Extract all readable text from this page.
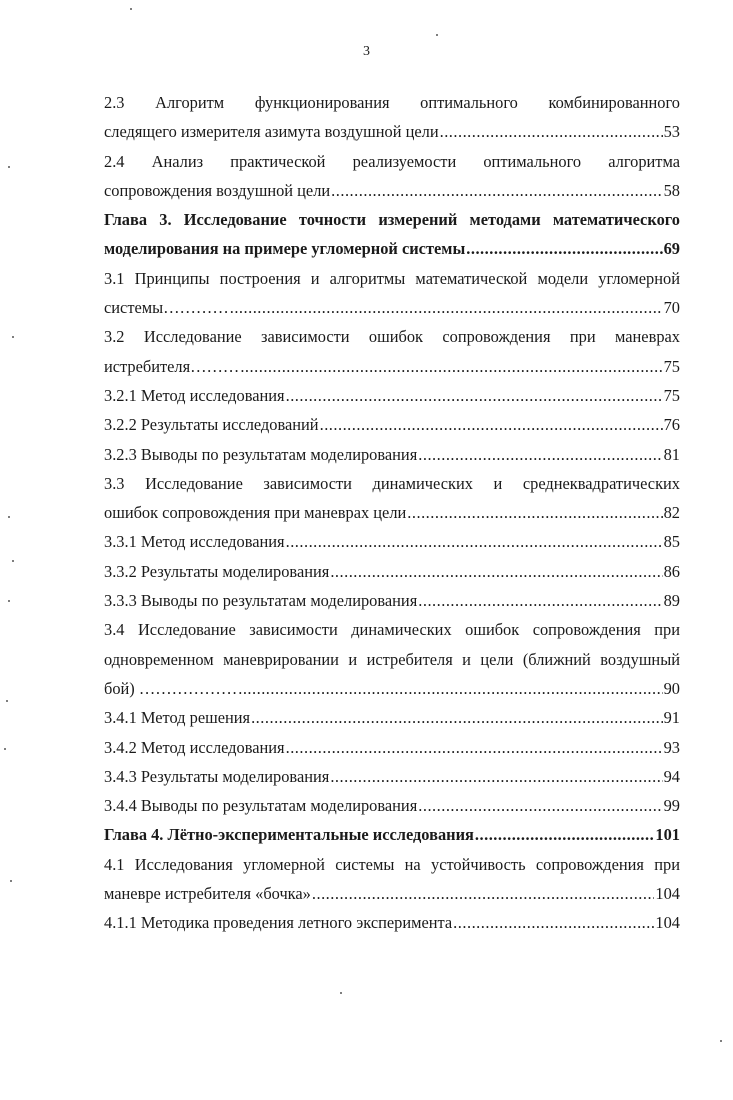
3
2.3 Алгоритм функционирования оптимального комбинированного
следящего измерителя азимута воздушной цели .....	53
2.4 Анализ практической реализуемости оптимального алгоритма
сопровождения воздушной цели .....	58
Глава 3. Исследование точности измерений методами математического
моделирования на примере угломерной системы .....	69
3.1 Принципы построения и алгоритмы математической модели угломерной
системы………… .....	70
3.2 Исследование зависимости ошибок сопровождения при маневрах
истребителя……… .....	75
3.2.1 Метод исследования .....	75
3.2.2 Результаты исследований .....	76
3.2.3 Выводы по результатам моделирования .....	81
3.3 Исследование зависимости динамических и среднеквадратических
ошибок сопровождения при маневрах цели .....	82
3.3.1 Метод исследования .....	85
3.3.2 Результаты моделирования .....	86
3.3.3 Выводы по результатам моделирования .....	89
3.4 Исследование зависимости динамических ошибок сопровождения при
одновременном маневрировании и истребителя и цели (ближний воздушный
бой) ……………… .....	90
3.4.1 Метод решения .....	91
3.4.2 Метод исследования .....	93
3.4.3 Результаты моделирования .....	94
3.4.4 Выводы по результатам моделирования .....	99
Глава 4. Лётно-экспериментальные исследования .....	101
4.1 Исследования угломерной системы на устойчивость сопровождения при
маневре истребителя «бочка» .....	104
4.1.1 Методика проведения летного эксперимента .....	104
